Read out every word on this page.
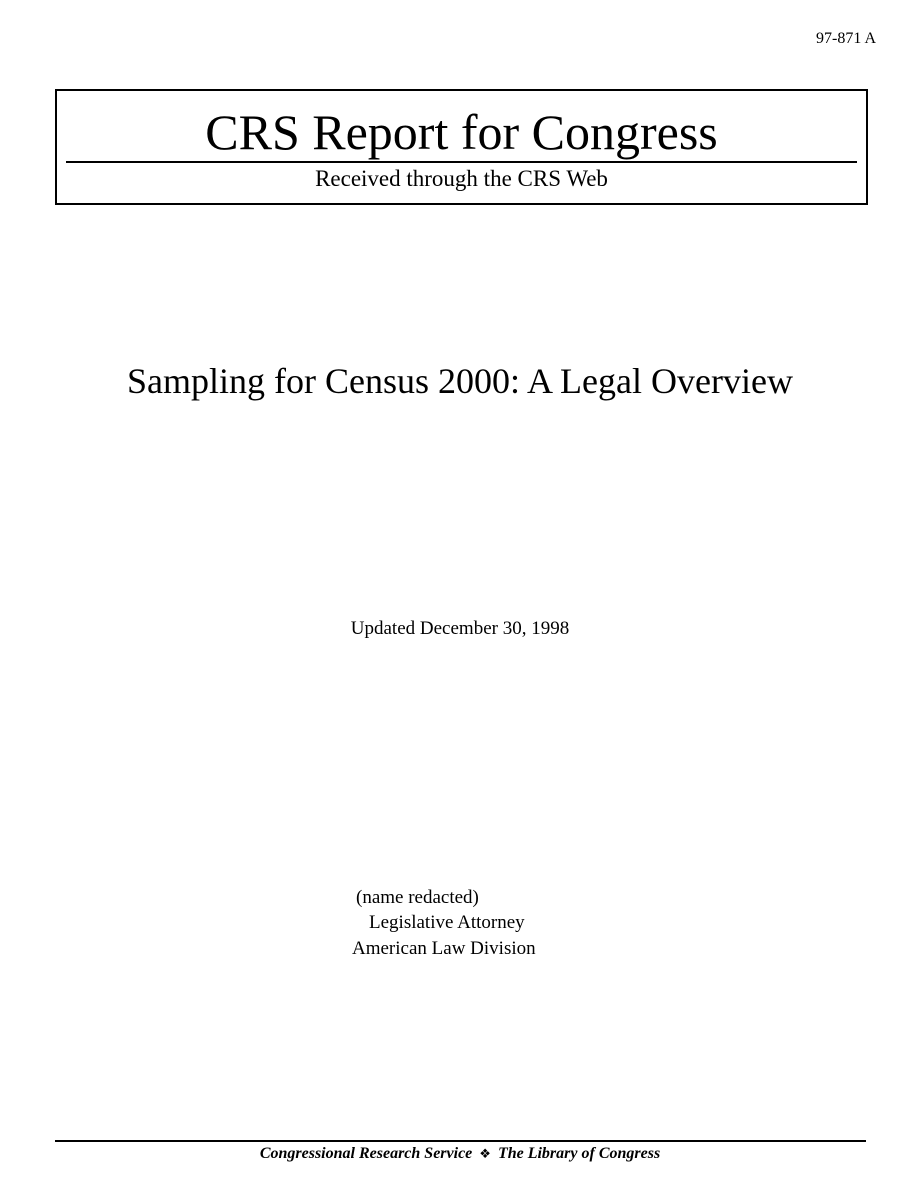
97-871 A
CRS Report for Congress
Received through the CRS Web
Sampling for Census 2000: A Legal Overview
Updated December 30, 1998
(name redacted)
Legislative Attorney
American Law Division
Congressional Research Service ❖ The Library of Congress
